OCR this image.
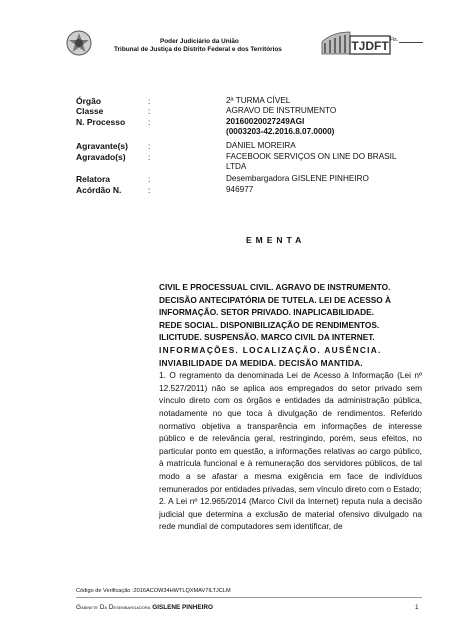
Poder Judiciário da União
Tribunal de Justiça do Distrito Federal e dos Territórios	TJDFT Fls.
Órgão	:	2ª TURMA CÍVEL
Classe	:	AGRAVO DE INSTRUMENTO
N. Processo	:	20160020027249AGI
(0003203-42.2016.8.07.0000)
Agravante(s) :	DANIEL MOREIRA
Agravado(s)	:	FACEBOOK SERVIÇOS ON LINE DO BRASIL
LTDA
Relatora	:	Desembargadora GISLENE PINHEIRO
Acórdão N.	:	946977
EMENTA

CIVIL E PROCESSUAL CIVIL. AGRAVO DE INSTRUMENTO.

DECISÃO ANTECIPATÓRIA DE TUTELA. LEI DE ACESSO À

INFORMAÇÃO. SETOR PRIVADO. INAPLICABILIDADE.

REDE SOCIAL. DISPONIBILIZAÇÃO DE RENDIMENTOS.

ILICITUDE. SUSPENSÃO. MARCO CIVIL DA INTERNET.

INFORMAÇÕES. LOCALIZAÇÃO. AUSÊNCIA.

INVIABILIDADE DA MEDIDA. DECISÃO MANTIDA.

1. O regramento da denominada Lei de Acesso à Informação (Lei nº 12.527/2011) não se aplica aos empregados do setor privado sem vínculo direto com os órgãos e entidades da administração pública, notadamente no que toca à divulgação de rendimentos. Referido normativo objetiva a transparência em informações de interesse público e de relevância geral, restringindo, porém, seus efeitos, no particular ponto em questão, a informações relativas ao cargo público, à matrícula funcional e à remuneração dos servidores públicos, de tal modo a se afastar a mesma exigência em face de indivíduos remunerados por entidades privadas, sem vínculo direto com o Estado;

2. A Lei nº 12.965/2014 (Marco Civil da Internet) reputa nula a decisão judicial que determina a exclusão de material ofensivo divulgado na rede mundial de computadores sem identificar, de

Código de Verificação :2016ACOW34HWTLQXMAV7ILTJCLM
Gabinete Da Desembargadora GISLENE PINHEIRO	1
